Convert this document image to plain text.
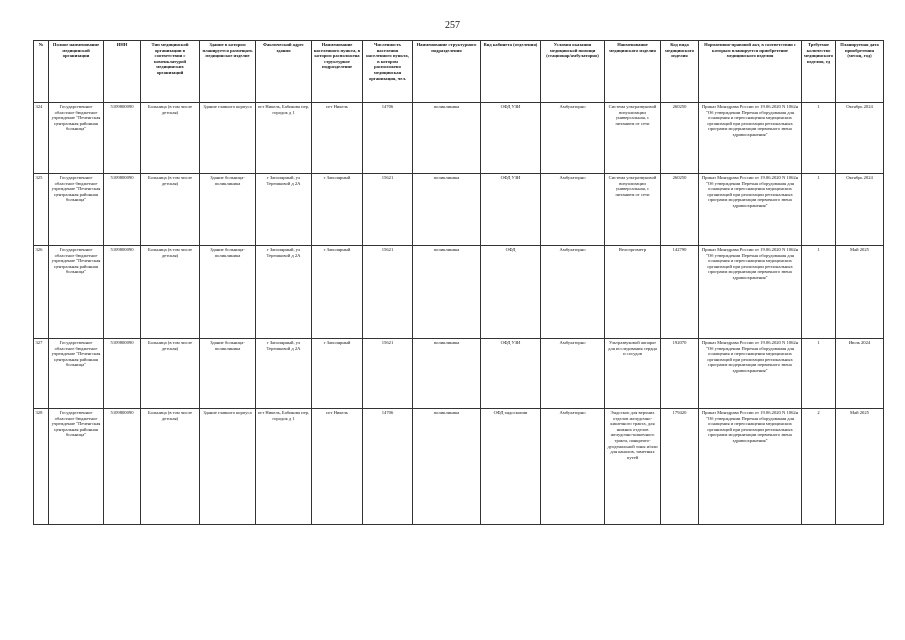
257
№	Полное наименование медицинской организации	ИНН	Тип медицинской организации в соответствии с номенклатурой медицинских организаций	Здание в котором планируется размещать медицинское изделие	Фактический адрес здания	Наименование населенного пункта, в котором расположена структурное подразделение	Численность населения населенного пункта, в котором расположено медицинская организация, чел.	Наименование структурного подразделения	Вид кабинета (отделения)	Условия оказания медицинской помощи (стационар/амбулаторно)	Наименование медицинского изделия	Код вида медицинского изделия	Нормативно-правовой акт, в соответствии с которым планируется приобретение медицинского изделия	Требуемое количество медицинского изделия, ед	Планируемая дата приобретения (месяц, год)
324	Государственное областное бюджетное учреждение "Печенгская центральная районная больница"	5109800090	Больница (в том числе детская)	Здание главного корпуса	пгт Никель, Бабикова пер, городок д 1	пгт Никель	14706	поликлиника	ОФД УЗИ	Амбулаторно	Система ультразвуковой визуализации универсальная, с питанием от сети	260250	Приказ Минздрава России от 19.06.2020 N 1062н "Об утверждении Перечня оборудования для оснащения и переоснащения медицинских организаций при реализации региональных программ модернизации первичного звена здравоохранения"	1	Октябрь 2024
325	Государственное областное бюджетное учреждение "Печенгская центральная районная больница"	5109800090	Больница (в том числе детская)	Здание больница-поликлиника	г Заполярный, ул Терешковой д 2А	г Заполярный	15621	поликлиника	ОФД УЗИ	Амбулаторно	Система ультразвуковой визуализации универсальная, с питанием от сети	260250	Приказ Минздрава России от 19.06.2020 N 1062н "Об утверждении Перечня оборудования для оснащения и переоснащения медицинских организаций при реализации региональных программ модернизации первичного звена здравоохранения"	1	Октябрь 2024
326	Государственное областное бюджетное учреждение "Печенгская центральная районная больница"	5109800090	Больница (в том числе детская)	Здание больница-поликлиника	г Заполярный, ул Терешковой д 2А	г Заполярный	15621	поликлиника	ОФД	Амбулаторно	Велоэргометр	142790	Приказ Минздрава России от 19.06.2020 N 1062н "Об утверждении Перечня оборудования для оснащения и переоснащения медицинских организаций при реализации региональных программ модернизации первичного звена здравоохранения"	1	Май 2025
327	Государственное областное бюджетное учреждение "Печенгская центральная районная больница"	5109800090	Больница (в том числе детская)	Здание больница-поликлиника	г Заполярный, ул Терешковой д 2А	г Заполярный	15621	поликлиника	ОФД УЗИ	Амбулаторно	Ультразвуковой аппарат для исследования сердца и сосудов	192070	Приказ Минздрава России от 19.06.2020 N 1062н "Об утверждении Перечня оборудования для оснащения и переоснащения медицинских организаций при реализации региональных программ модернизации первичного звена здравоохранения"	1	Июль 2024
328	Государственное областное бюджетное учреждение "Печенгская центральная районная больница"	5109800090	Больница (в том числе детская)	Здание главного корпуса	пгт Никель, Бабикова пер, городок д 1	пгт Никель	14706	поликлиника	ОФД эндоскопии	Амбулаторно	Эндоскоп для верхних отделов желудочно-кишечного тракта, для нижних отделов желудочно-кишечного тракта, панкреато-дуоденальной зоны и/или для каналов, заметных путей	179420	Приказ Минздрава России от 19.06.2020 N 1062н "Об утверждении Перечня оборудования для оснащения и переоснащения медицинских организаций при реализации региональных программ модернизации первичного звена здравоохранения"	2	Май 2025
